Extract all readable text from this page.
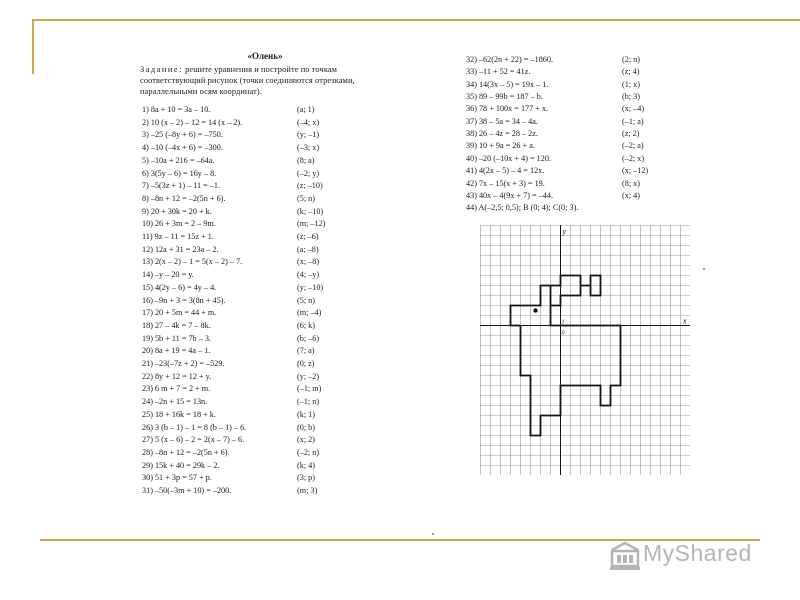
«Олень»
Задание: решите уравнения и постройте по точкам соответствующий рисунок (точки соединяются отрезками, параллельными осям координат).
1) 8a + 10 = 3a – 10.	(a; 1)
2) 10 (x – 2) – 12 = 14 (x – 2).	(–4; x)
3) –25 (–8y + 6) = –750.	(y; –1)
4) –10 (–4x + 6) = –300.	(–3; x)
5) –10a + 216 = –64a.	(8; a)
6) 3(5y – 6) = 16y – 8.	(–2; y)
7) –5(3z + 1) – 11 = –1.	(z; –10)
8) –8n + 12 = –2(5n + 6).	(5; n)
9) 20 + 30k = 20 + k.	(k; –10)
10) 26 + 3m = 2 – 9m.	(m; –12)
11) 9z – 11 = 15z + 1.	(z; –6)
12) 12a + 31 = 23a – 2.	(a; –8)
13) 2(x – 2) – 1 = 5(x – 2) – 7.	(x; –8)
14) –y – 20 = y.	(4; –y)
15) 4(2y – 6) = 4y – 4.	(y; –10)
16) –9n + 3 = 3(8n + 45).	(5; n)
17) 20 + 5m = 44 + m.	(m; –4)
18) 27 – 4k = 7 – 8k.	(6; k)
19) 5b + 11 = 7b – 3.	(b; –6)
20) 8a + 19 = 4a – 1.	(7; a)
21) –23(–7z + 2) = –529.	(0; z)
22) 8y + 12 = 12 + y.	(y; –2)
23) 6 m + 7 = 2 + m.	(–1; m)
24) –2n + 15 = 13n.	(–1; n)
25) 18 + 16k = 18 + k.	(k; 1)
26) 3 (b – 1) – 1 = 8 (b – 1) – 6.	(0; b)
27) 5 (x – 6) – 2 = 2(x – 7) – 6.	(x; 2)
28) –8n + 12 = –2(5n + 6).	(–2; n)
29) 15k + 40 = 29k – 2.	(k; 4)
30) 51 + 3p = 57 + p.	(3; p)
31) –50(–3m + 10) = –200.	(m; 3)
32) –62(2n + 22) = –1860.	(2; n)
33) –11 + 52 = 41z.	(z; 4)
34) 14(3x – 5) = 19x – 1.	(1; x)
35) 89 – 99b = 187 – b.	(b; 3)
36) 78 + 100x = 177 + x.	(x; –4)
37) 38 – 5a = 34 – 4a.	(–1; a)
38) 26 – 4z = 28 – 2z.	(z; 2)
39) 10 + 9a = 26 + a.	(–2; a)
40) –20 (–10x + 4) = 120.	(–2; x)
41) 4(2x – 5) – 4 = 12x.	(x; –12)
42) 7x – 15(x + 3) = 19.	(8; x)
43) 40x – 4(9x + 7) = –44.	(x; 4)
44) A(–2,5; 0,5); B (0; 4); C(0; 3).
y
x
0
1
MyShared
